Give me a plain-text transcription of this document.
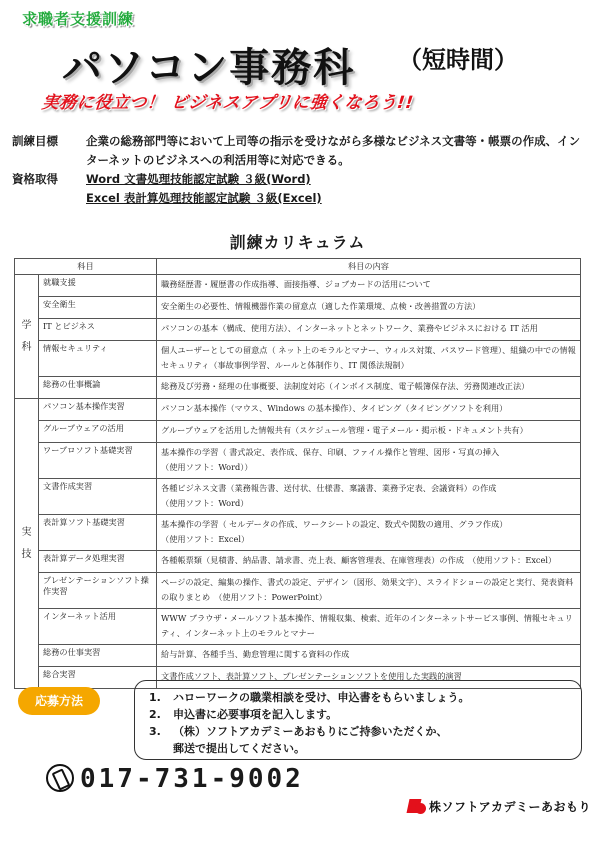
求職者支援訓練
パソコン事務科 （短時間）
実務に役立つ！ ビジネスアプリに強くなろう!!
訓練目標	企業の総務部門等において上司等の指示を受けながら多様なビジネス文書等・帳票の作成、インターネットのビジネスへの利活用等に対応できる。
資格取得	Word 文書処理技能認定試験 ３級(Word)
Excel 表計算処理技能認定試験 ３級(Excel)
訓練カリキュラム
科目		科目の内容
学
科	就職支援	職務経歴書・履歴書の作成指導、面接指導、ジョブカードの活用について
	安全衛生	安全衛生の必要性、情報機器作業の留意点（適した作業環境、点検・改善措置の方法）
	IT とビジネス	パソコンの基本（構成、使用方法）、インターネットとネットワーク、業務やビジネスにおける IT 活用
	情報セキュリティ	個人ユーザーとしての留意点（ ネット上のモラルとマナー、ウィルス対策、パスワード管理）、組織の中での情報セキュリティ（事故事例学習、ルールと体制作り、IT 関係法規制）
	総務の仕事概論	総務及び労務・経理の仕事概要、法制度対応（インボイス制度、電子帳簿保存法、労務関連改正法）
実
技	パソコン基本操作実習	パソコン基本操作（マウス、Windows の基本操作）、タイピング（タイピングソフトを利用）
	グループウェアの活用	グループウェアを活用した情報共有（スケジュール管理・電子メール・掲示板・ドキュメント共有）
	ワープロソフト基礎実習	基本操作の学習（ 書式設定、表作成、保存、印刷、ファイル操作と管理、図形・写真の挿入
（使用ソフト：Word））

	文書作成実習	各種ビジネス文書（業務報告書、送付状、仕様書、稟議書、業務予定表、会議資料）の作成
（使用ソフト：Word）

	表計算ソフト基礎実習	基本操作の学習（ セルデータの作成、ワークシートの設定、数式や関数の適用、グラフ作成）
（使用ソフト：Excel）

	表計算データ処理実習	各種帳票類（見積書、納品書、請求書、売上表、顧客管理表、在庫管理表）の作成　（使用ソフト：Excel）
	プレゼンテーションソフト操作実習	ページの設定、編集の操作、書式の設定、デザイン（図形、効果文字）、スライドショーの設定と実行、発表資料の取りまとめ　（使用ソフト：PowerPoint）
	インターネット活用	WWW ブラウザ・メールソフト基本操作、情報収集、検索、近年のインターネットサービス事例、情報セキュリティ、インターネット上のモラルとマナー
	総務の仕事実習	給与計算、各種手当、勤怠管理に関する資料の作成
	総合実習	文書作成ソフト、表計算ソフト、プレゼンテーションソフトを使用した実践的演習
応募方法	1.	ハローワークの職業相談を受け、申込書をもらいましょう。
2.	申込書に必要事項を記入します。
3.	（株）ソフトアカデミーあおもりにご持参いただくか、
郵送で提出してください。
017-731-9002
株ソフトアカデミーあおもり
